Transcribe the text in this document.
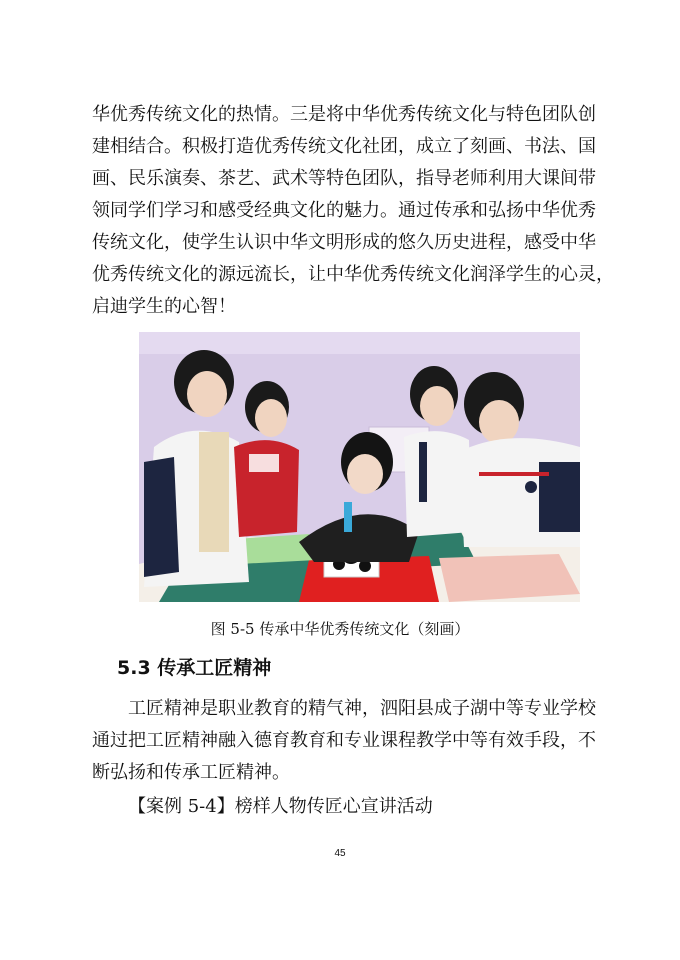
华优秀传统文化的热情。三是将中华优秀传统文化与特色团队创
建相结合。积极打造优秀传统文化社团，成立了刻画、书法、国
画、民乐演奏、茶艺、武术等特色团队，指导老师利用大课间带
领同学们学习和感受经典文化的魅力。通过传承和弘扬中华优秀
传统文化，使学生认识中华文明形成的悠久历史进程，感受中华
优秀传统文化的源远流长，让中华优秀传统文化润泽学生的心灵，
启迪学生的心智！
图 5-5 传承中华优秀传统文化（刻画）
5.3 传承工匠精神
工匠精神是职业教育的精气神，泗阳县成子湖中等专业学校
通过把工匠精神融入德育教育和专业课程教学中等有效手段，不
断弘扬和传承工匠精神。
【案例 5-4】榜样人物传匠心宣讲活动
45
